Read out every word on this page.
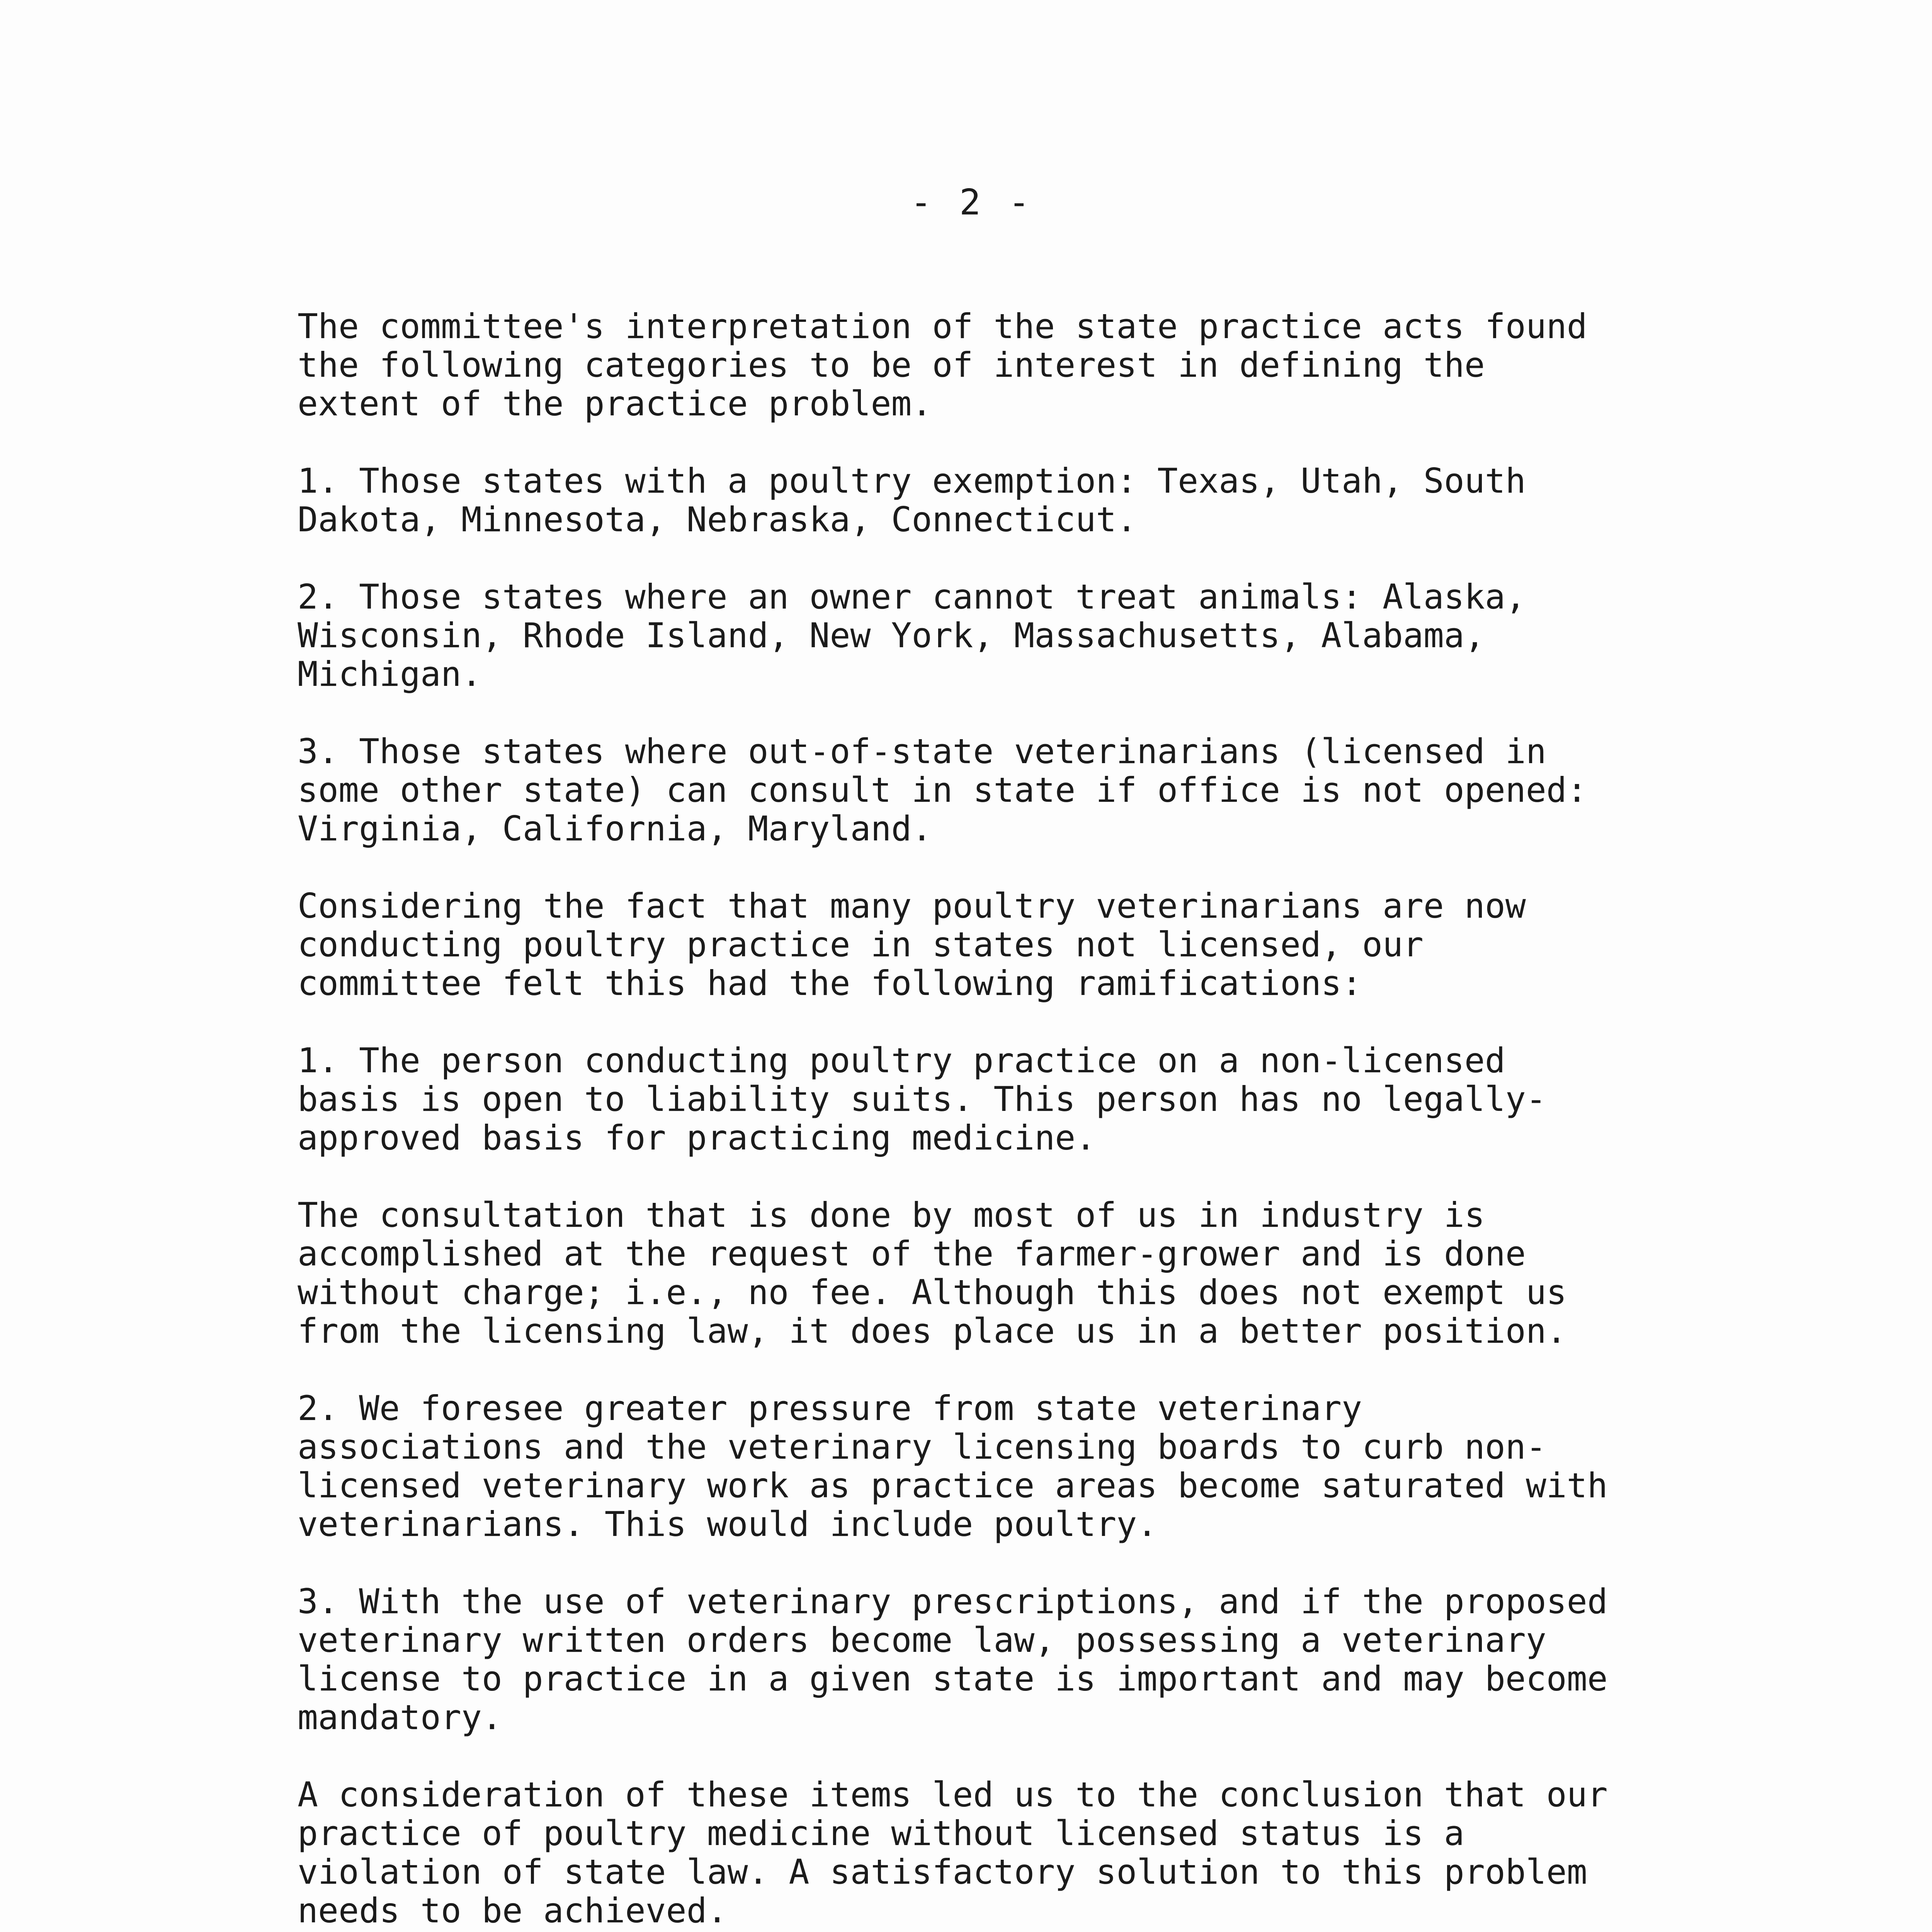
- 2 -

The committee's interpretation of the state practice acts found the following categories to be of interest in defining the extent of the practice problem.

1. Those states with a poultry exemption: Texas, Utah, South Dakota, Minnesota, Nebraska, Connecticut.

2. Those states where an owner cannot treat animals: Alaska, Wisconsin, Rhode Island, New York, Massachusetts, Alabama, Michigan.

3. Those states where out-of-state veterinarians (licensed in some other state) can consult in state if office is not opened: Virginia, California, Maryland.

Considering the fact that many poultry veterinarians are now conducting poultry practice in states not licensed, our committee felt this had the following ramifications:

1. The person conducting poultry practice on a non-licensed basis is open to liability suits. This person has no legally-approved basis for practicing medicine.

The consultation that is done by most of us in industry is accomplished at the request of the farmer-grower and is done without charge; i.e., no fee. Although this does not exempt us from the licensing law, it does place us in a better position.

2. We foresee greater pressure from state veterinary associations and the veterinary licensing boards to curb non-licensed veterinary work as practice areas become saturated with veterinarians. This would include poultry.

3. With the use of veterinary prescriptions, and if the proposed veterinary written orders become law, possessing a veterinary license to practice in a given state is important and may become mandatory.

A consideration of these items led us to the conclusion that our practice of poultry medicine without licensed status is a violation of state law. A satisfactory solution to this problem needs to be achieved.
